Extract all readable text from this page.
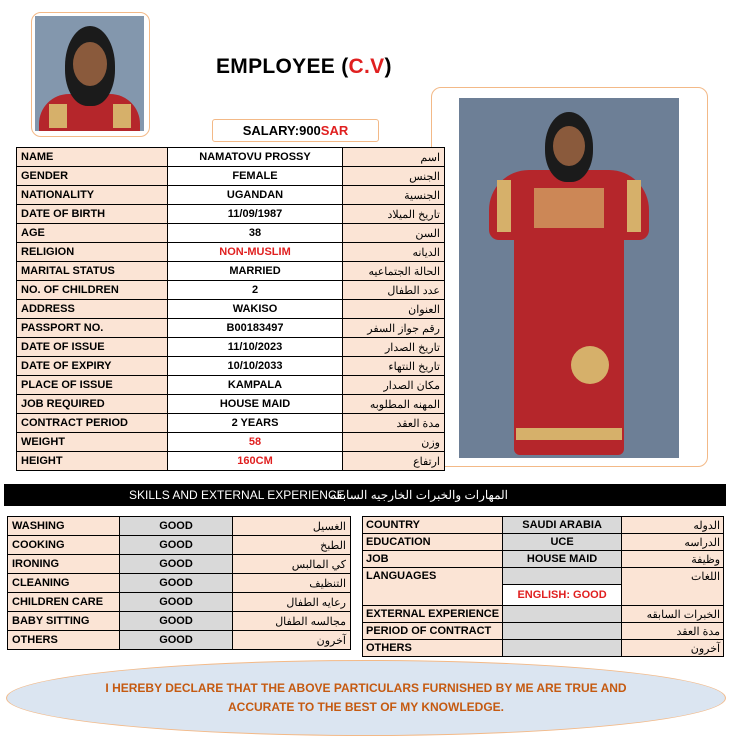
EMPLOYEE (C.V)
SALARY: 900 SAR
NAME	NAMATOVU PROSSY	اسم
GENDER	FEMALE	الجنس
NATIONALITY	UGANDAN	الجنسية
DATE OF BIRTH	11/09/1987	تاريخ الميلاد
AGE	38	السن
RELIGION	NON-MUSLIM	الديانه
MARITAL STATUS	MARRIED	الحالة الجتماعيه
NO. OF CHILDREN	2	عدد الطفال
ADDRESS	WAKISO	العنوان
PASSPORT NO.	B00183497	رقم جواز السفر
DATE OF ISSUE	11/10/2023	تاريخ الصدار
DATE OF EXPIRY	10/10/2033	تاريخ النتهاء
PLACE OF ISSUE	KAMPALA	مكان الصدار
JOB REQUIRED	HOUSE MAID	المهنه المطلوبه
CONTRACT PERIOD	2 YEARS	مدة العقد
WEIGHT	58	وزن
HEIGHT	160CM	ارتفاع
SKILLS AND EXTERNAL EXPERIENCE
المهارات والخبرات الخارجيه السابقه
WASHING	GOOD	الغسيل
COOKING	GOOD	الطبخ
IRONING	GOOD	كي المالبس
CLEANING	GOOD	التنظيف
CHILDREN CARE	GOOD	رعايه الطفال
BABY SITTING	GOOD	مجالسه الطفال
OTHERS	GOOD	آخرون
COUNTRY	SAUDI ARABIA	الدوله
EDUCATION	UCE	الدراسه
JOB	HOUSE MAID	وظيفة
LANGUAGES		اللغات
	ENGLISH: GOOD	
EXTERNAL EXPERIENCE		الخبرات السابقه
PERIOD OF CONTRACT		مدة العقد
OTHERS		آخرون
I HEREBY DECLARE THAT THE ABOVE PARTICULARS FURNISHED BY ME ARE TRUE AND
ACCURATE TO THE BEST OF MY KNOWLEDGE.
